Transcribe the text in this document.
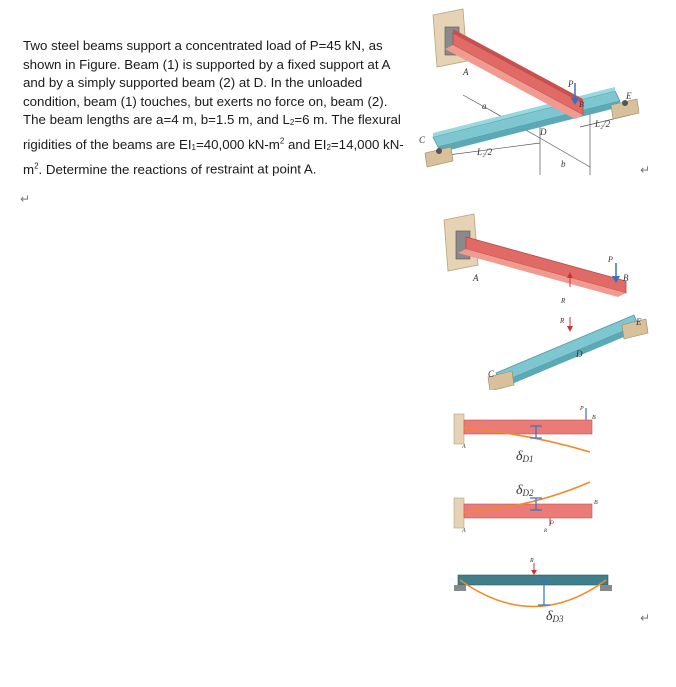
Two steel beams support a concentrated load of P=45 kN, as shown in Figure. Beam (1) is supported by a fixed support at A and by a simply supported beam (2) at D. In the unloaded condition, beam (1) touches, but exerts no force on, beam (2). The beam lengths are a=4 m, b=1.5 m, and $L_2=6$ m. The flexural rigidities of the beams are $EI_1=40,000$ $kN-m^2$ and $EI_2=14,000$ $kN-m^2$. Determine the reactions of restraint at point A.
↵
↵
↵
P
A
B
C
D
E
a
b
L₂/2
L₂/2
A	B
P
R
R
C
D
E
P
B
A
δD1
R
D
B
A
δD2
R
δD3
